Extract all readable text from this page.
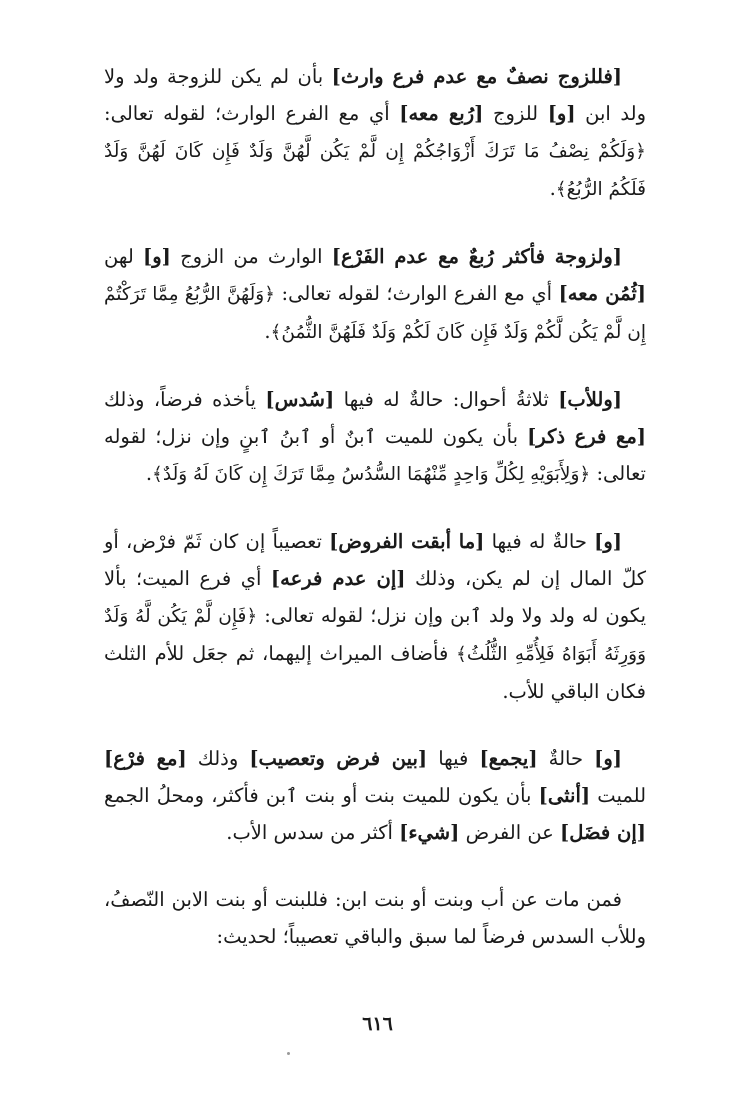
[فللزوج نصفٌ مع عدم فرع وارث] بأن لم يكن للزوجة ولد ولا ولد ابن [و] للزوج [رُبع معه] أي مع الفرع الوارث؛ لقوله تعالى: ﴿وَلَكُمْ نِصْفُ مَا تَرَكَ أَزْوَاجُكُمْ إِن لَّمْ يَكُن لَّهُنَّ وَلَدٌ فَإِن كَانَ لَهُنَّ وَلَدٌ فَلَكُمُ الرُّبُعُ﴾.

[ولزوجة فأكثر رُبعٌ مع عدم الفَرْع] الوارث من الزوج [و] لهن [ثُمُن معه] أي مع الفرع الوارث؛ لقوله تعالى: ﴿وَلَهُنَّ الرُّبُعُ مِمَّا تَرَكْتُمْ إِن لَّمْ يَكُن لَّكُمْ وَلَدٌ فَإِن كَانَ لَكُمْ وَلَدٌ فَلَهُنَّ الثُّمُنُ﴾.

[وللأب] ثلاثةُ أحوال: حالةٌ له فيها [سُدس] يأخذه فرضاً، وذلك [مع فرع ذكر] بأن يكون للميت ٱبنٌ أو ٱبنُ ٱبنٍ وإن نزل؛ لقوله تعالى: ﴿وَلِأَبَوَيْهِ لِكُلِّ وَاحِدٍ مِّنْهُمَا السُّدُسُ مِمَّا تَرَكَ إِن كَانَ لَهُ وَلَدٌ﴾.

[و] حالةٌ له فيها [ما أبقت الفروض] تعصيباً إن كان ثَمّ فرْض، أو كلّ المال إن لم يكن، وذلك [إن عدم فرعه] أي فرع الميت؛ بألا يكون له ولد ولا ولد ٱبن وإن نزل؛ لقوله تعالى: ﴿فَإِن لَّمْ يَكُن لَّهُ وَلَدٌ وَوَرِثَهُ أَبَوَاهُ فَلِأُمِّهِ الثُّلُثُ﴾ فأضاف الميراث إليهما، ثم جعَل للأم الثلث فكان الباقي للأب.

[و] حالةٌ [يجمع] فيها [بين فرض وتعصيب] وذلك [مع فرْع] للميت [أنثى] بأن يكون للميت بنت أو بنت ٱبن فأكثر، ومحلُ الجمع [إن فضَل] عن الفرض [شيء] أكثر من سدس الأب.

فمن مات عن أب وبنت أو بنت ابن: فللبنت أو بنت الابن النّصفُ، وللأب السدس فرضاً لما سبق والباقي تعصيباً؛ لحديث:

٦١٦
